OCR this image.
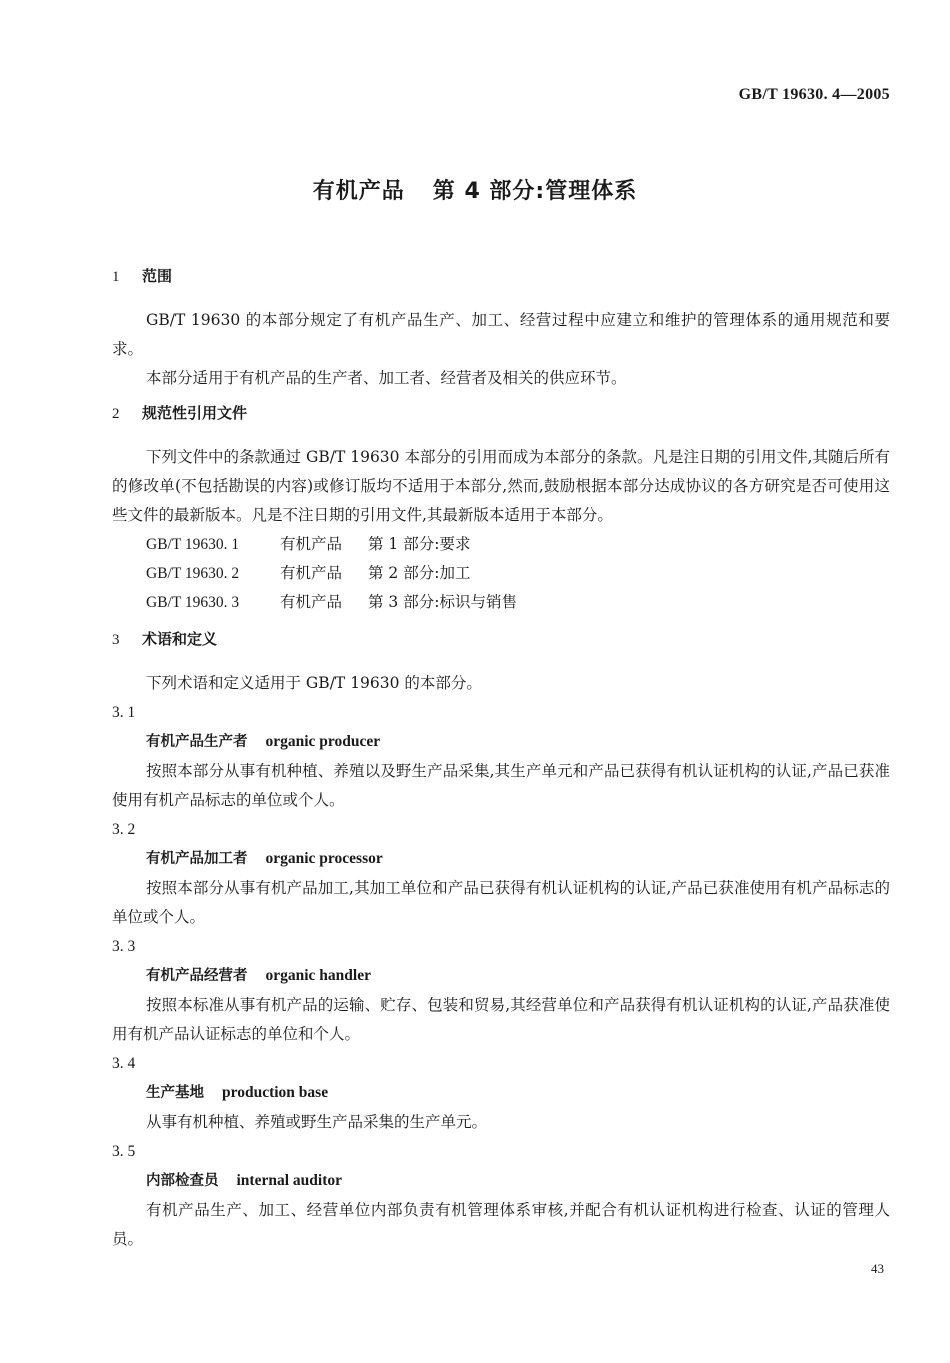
GB/T 19630. 4—2005
有机产品 第 4 部分:管理体系
1 范围

GB/T 19630 的本部分规定了有机产品生产、加工、经营过程中应建立和维护的管理体系的通用规范和要求。

本部分适用于有机产品的生产者、加工者、经营者及相关的供应环节。

2 规范性引用文件

下列文件中的条款通过 GB/T 19630 本部分的引用而成为本部分的条款。凡是注日期的引用文件,其随后所有的修改单(不包括勘误的内容)或修订版均不适用于本部分,然而,鼓励根据本部分达成协议的各方研究是否可使用这些文件的最新版本。凡是不注日期的引用文件,其最新版本适用于本部分。

GB/T 19630. 1	有机产品 第 1 部分:要求

GB/T 19630. 2	有机产品 第 2 部分:加工

GB/T 19630. 3	有机产品 第 3 部分:标识与销售

3 术语和定义

下列术语和定义适用于 GB/T 19630 的本部分。

3. 1

有机产品生产者 organic producer

按照本部分从事有机种植、养殖以及野生产品采集,其生产单元和产品已获得有机认证机构的认证,产品已获准使用有机产品标志的单位或个人。

3. 2

有机产品加工者 organic processor

按照本部分从事有机产品加工,其加工单位和产品已获得有机认证机构的认证,产品已获准使用有机产品标志的单位或个人。

3. 3

有机产品经营者 organic handler

按照本标准从事有机产品的运输、贮存、包装和贸易,其经营单位和产品获得有机认证机构的认证,产品获准使用有机产品认证标志的单位和个人。

3. 4

生产基地 production base

从事有机种植、养殖或野生产品采集的生产单元。

3. 5

内部检查员 internal auditor

有机产品生产、加工、经营单位内部负责有机管理体系审核,并配合有机认证机构进行检查、认证的管理人员。

43
